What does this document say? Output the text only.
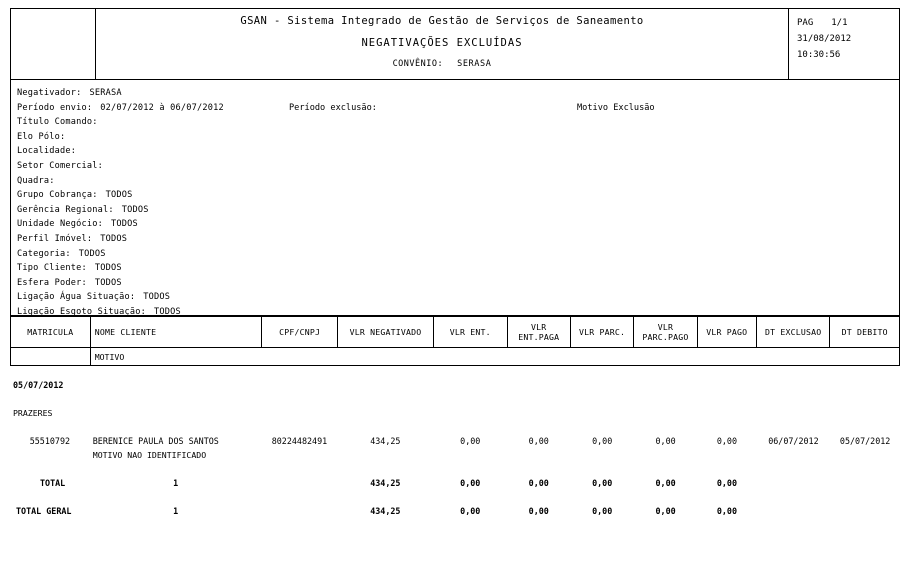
GSAN - Sistema Integrado de Gestão de Serviços de Saneamento
NEGATIVAÇÕES EXCLUÍDAS
CONVÊNIO: SERASA
PAG 1/1
31/08/2012
10:30:56
Negativador: SERASA
Período envio: 02/07/2012 à 06/07/2012	Período exclusão:	Motivo Exclusão
Título Comando:
Elo Pólo:
Localidade:
Setor Comercial:
Quadra:
Grupo Cobrança: TODOS
Gerência Regional: TODOS
Unidade Negócio: TODOS
Perfil Imóvel: TODOS
Categoria: TODOS
Tipo Cliente: TODOS
Esfera Poder: TODOS
Ligação Água Situação: TODOS
Ligação Esgoto Situação: TODOS
MATRICULA	NOME CLIENTE	CPF/CNPJ	VLR NEGATIVADO	VLR ENT.	VLR ENT.PAGA	VLR PARC.	VLR PARC.PAGO	VLR PAGO	DT EXCLUSAO	DT DEBITO
	MOTIVO									

05/07/2012										

PRAZERES										

55510792	BERENICE PAULA DOS SANTOS	80224482491	434,25	0,00	0,00	0,00	0,00	0,00	06/07/2012	05/07/2012
	MOTIVO NAO IDENTIFICADO									

TOTAL	1		434,25	0,00	0,00	0,00	0,00	0,00		

TOTAL GERAL	1		434,25	0,00	0,00	0,00	0,00	0,00		
